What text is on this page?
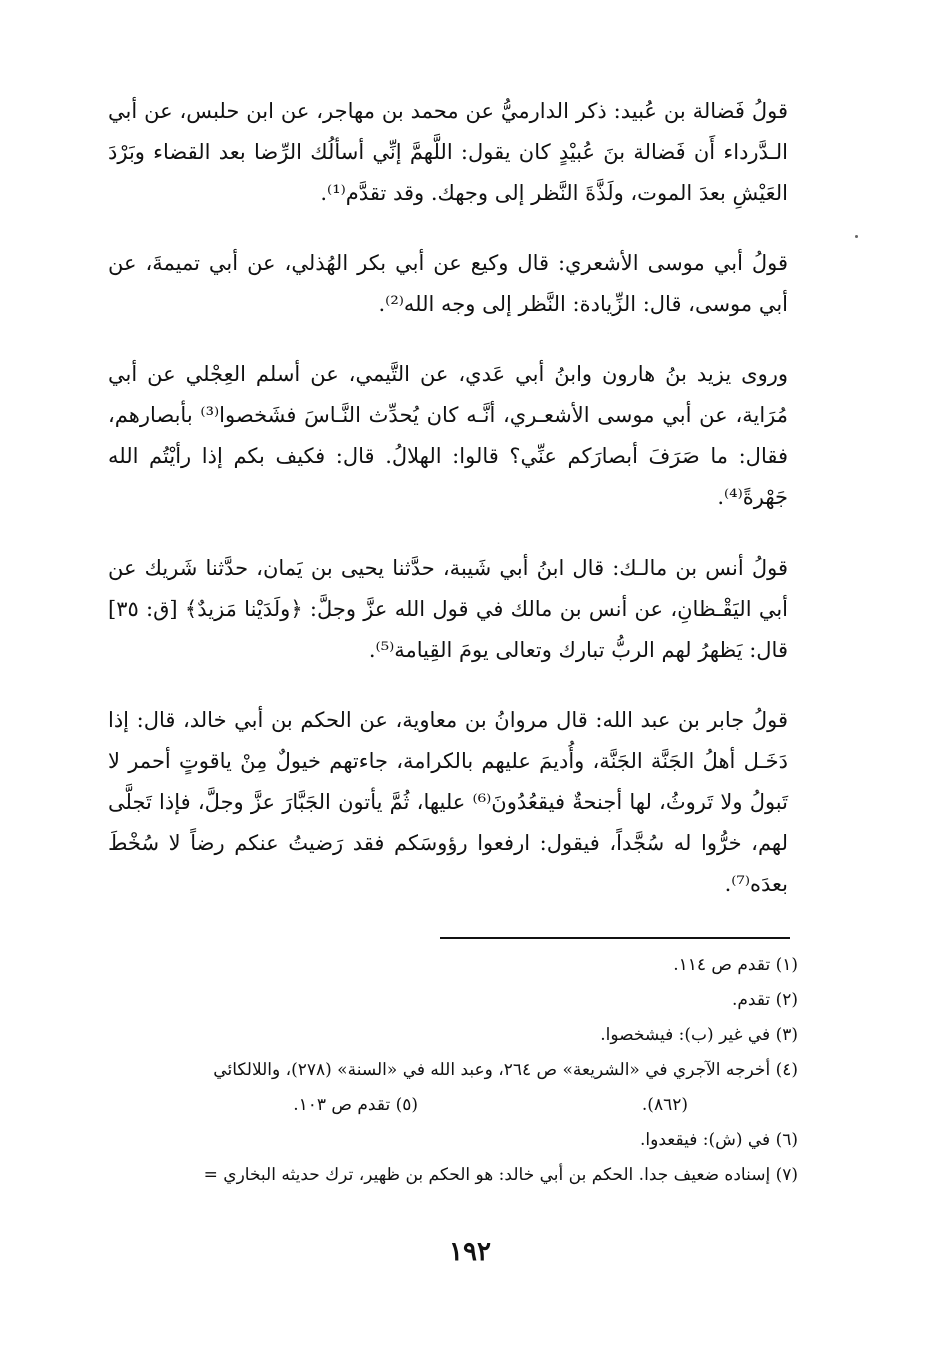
قولُ فَضالة بن عُبيد: ذكر الدارميُّ عن محمد بن مهاجر، عن ابن حلبس، عن أبي الـدَّرداء أَن فَضالة بنَ عُبيْدٍ كان يقول: اللَّهمَّ إنِّي أسألُك الرِّضا بعد القضاء وبَرْدَ العَيْشِ بعدَ الموت، ولَذَّةَ النَّظر إلى وجهك. وقد تقدَّم⁽¹⁾.

قولُ أبي موسى الأشعري: قال وكيع عن أبي بكر الهُذلي، عن أبي تميمةَ، عن أبي موسى، قال: الزِّيادة: النَّظر إلى وجه الله⁽²⁾.

وروى يزيد بنُ هارون وابنُ أبي عَدي، عن التَّيمي، عن أسلم العِجْلي عن أبي مُرَاية، عن أبي موسى الأشعـري، أنَّـه كان يُحدِّث النَّـاسَ فشَخصوا⁽³⁾ بأبصارهم، فقال: ما صَرَفَ أبصارَكم عنِّي؟ قالوا: الهلالُ. قال: فكيف بكم إذا رأيْتُم الله جَهْرةً⁽⁴⁾.

قولُ أنس بن مالـك: قال ابنُ أبي شَيبة، حدَّثنا يحيى بن يَمان، حدَّثنا شَريك عن أبي اليَقْـظانِ، عن أنس بن مالك في قول الله عزَّ وجلَّ: ﴿ولَدَيْنا مَزيدٌ﴾ [ق: ٣٥] قال: يَظهرُ لهم الربُّ تبارك وتعالى يومَ القِيامة⁽⁵⁾.

قولُ جابر بن عبد الله: قال مروانُ بن معاوية، عن الحكم بن أبي خالد، قال: إذا دَخَـل أهلُ الجَنَّة الجَنَّة، وأُديمَ عليهم بالكرامة، جاءتهم خيولٌ مِنْ ياقوتٍ أحمر لا تَبولُ ولا تَروثُ، لها أجنحةٌ فيقعُدُونَ⁽⁶⁾ عليها، ثُمَّ يأتون الجَبَّارَ عزَّ وجلَّ، فإذا تَجلَّى لهم، خرُّوا له سُجَّداً، فيقول: ارفعوا رؤوسَكم فقد رَضيتُ عنكم رضاً لا سُخْطَ بعدَه⁽⁷⁾.

(١) تقدم ص ١١٤.
(٢) تقدم.
(٣) في غير (ب): فيشخصوا.
(٤) أخرجه الآجري في «الشريعة» ص ٢٦٤، وعبد الله في «السنة» (٢٧٨)، واللالكائي
(٨٦٢).
(٥) تقدم ص ١٠٣.
(٦) في (ش): فيقعدوا.
(٧) إسناده ضعيف جدا. الحكم بن أبي خالد: هو الحكم بن ظهير، ترك حديثه البخاري =
١٩٢
